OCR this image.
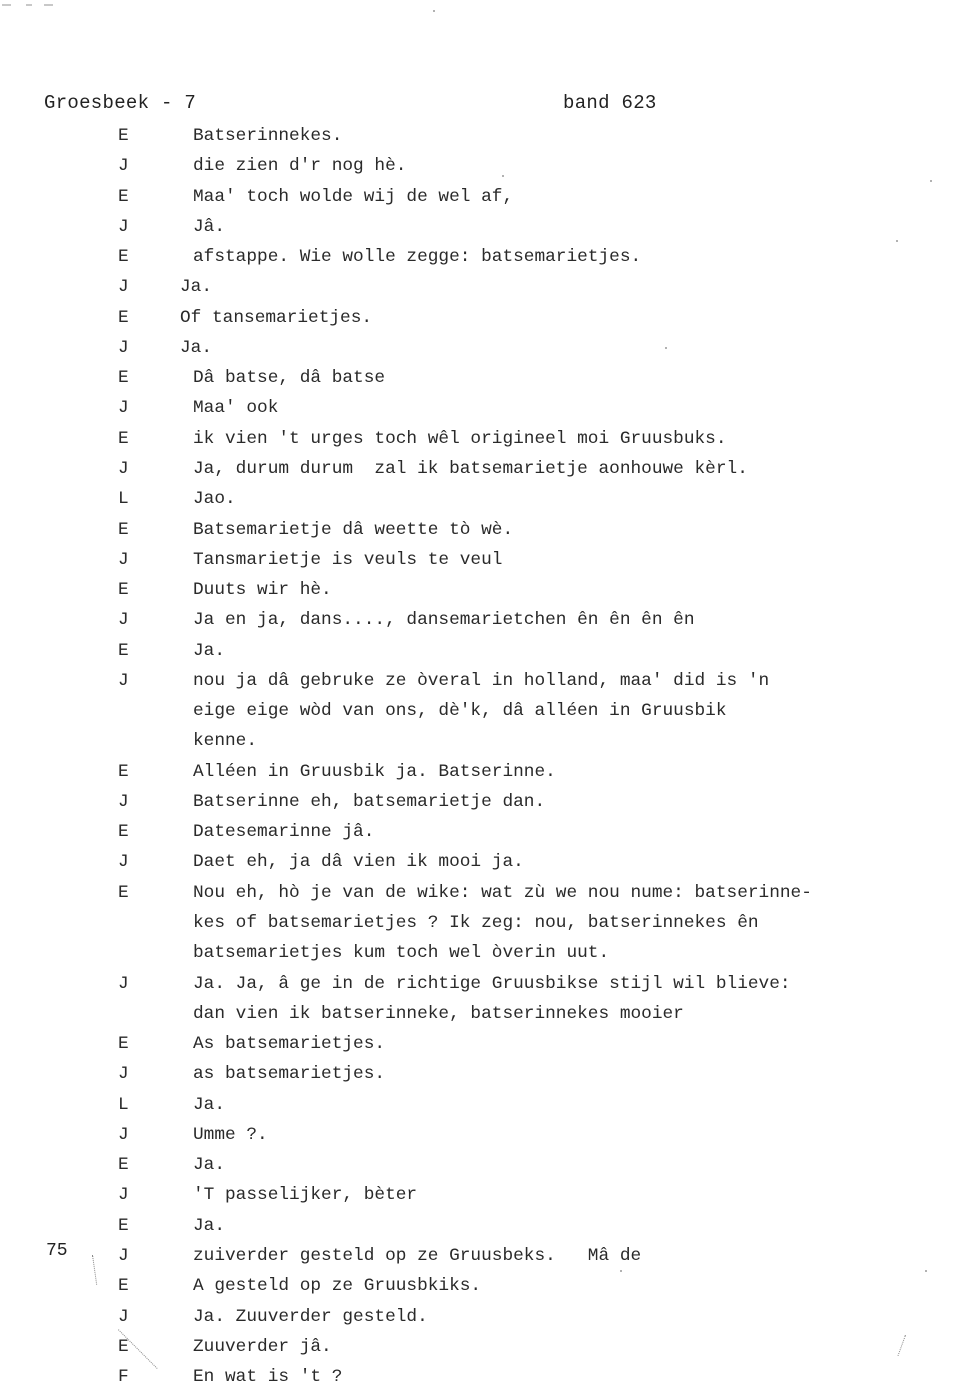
Groesbeek - 7	band 623
75
E	Batserinnekes.
J	die zien d'r nog hè.
E	Maa' toch wolde wij de wel af,
J	Jâ.
E	afstappe. Wie wolle zegge: batsemarietjes.
J	Ja.
E	Of tansemarietjes.
J	Ja.
E	Dâ batse, dâ batse
J	Maa' ook
E	ik vien 't urges toch wêl origineel moi Gruusbuks.
J	Ja, durum durum  zal ik batsemarietje aonhouwe kèrl.
L	Jao.
E	Batsemarietje dâ weette tò wè.
J	Tansmarietje is veuls te veul
E	Duuts wir hè.
J	Ja en ja, dans...., dansemarietchen ên ên ên ên
E	Ja.
J	nou ja dâ gebruke ze òveral in holland, maa' did is 'n
eige eige wòd van ons, dè'k, dâ alléen in Gruusbik
kenne.
E	Alléen in Gruusbik ja. Batserinne.
J	Batserinne eh, batsemarietje dan.
E	Datesemarinne jâ.
J	Daet eh, ja dâ vien ik mooi ja.
E	Nou eh, hò je van de wike: wat zù we nou nume: batserinne-
kes of batsemarietjes ? Ik zeg: nou, batserinnekes ên
batsemarietjes kum toch wel òverin uut.
J	Ja. Ja, â ge in de richtige Gruusbikse stijl wil blieve:
dan vien ik batserinneke, batserinnekes mooier
E	As batsemarietjes.
J	as batsemarietjes.
L	Ja.
J	Umme ?.
E	Ja.
J	'T passelijker, bèter
E	Ja.
J	zuiverder gesteld op ze Gruusbeks.   Mâ de
E	A gesteld op ze Gruusbkiks.
J	Ja. Zuuverder gesteld.
E	Zuuverder jâ.
F	En wat is 't ?
